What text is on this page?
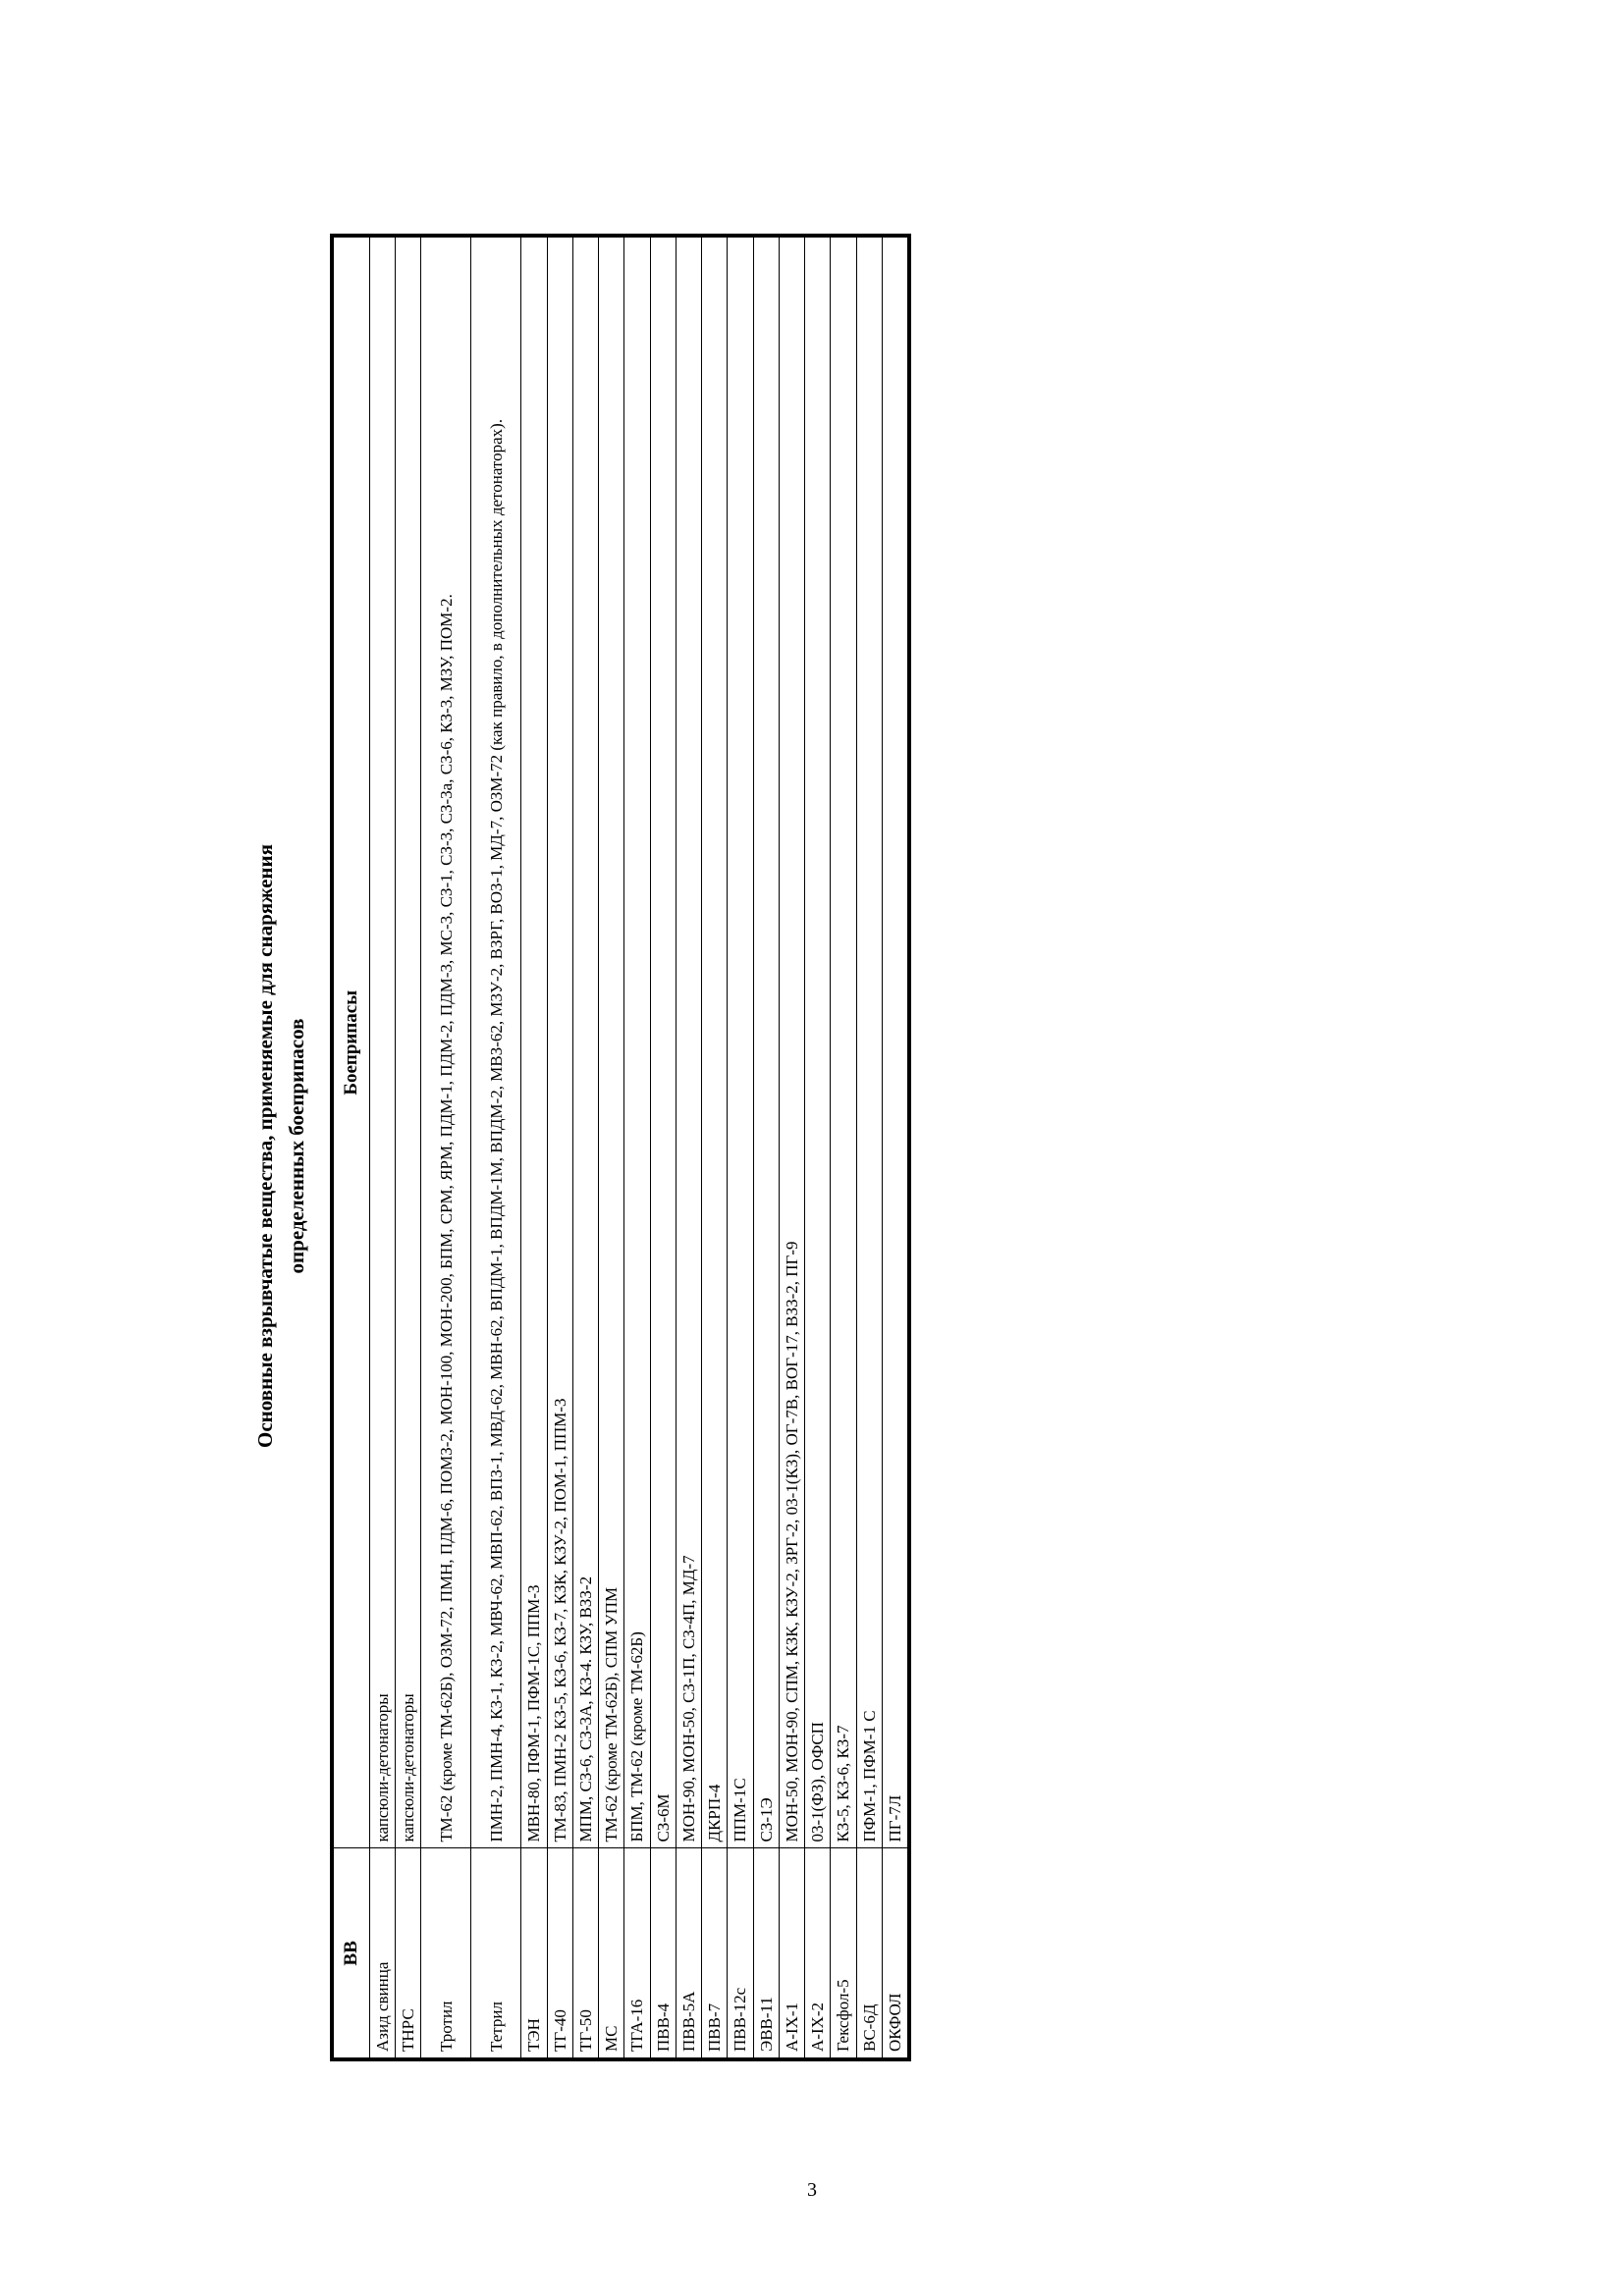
Основные взрывчатые вещества, применяемые для снаряжения определенных боеприпасов
ВВ	Боеприпасы
Азид свинца	капсюли-детонаторы
ТНРС	капсюли-детонаторы
Тротил	ТМ-62 (кроме ТМ-62Б), ОЗМ-72, ПМН, ПДМ-6, ПОМЗ-2, МОН-100, МОН-200, БПМ, СРМ, ЯРМ, ПДМ-1, ПДМ-2, ПДМ-3, МС-3, СЗ-1, СЗ-3, СЗ-3а, СЗ-6, КЗ-3, МЗУ, ПОМ-2.
Тетрил	ПМН-2, ПМН-4, КЗ-1, КЗ-2, МВЧ-62, МВП-62, ВПЗ-1, МВД-62, МВН-62, ВПДМ-1, ВПДМ-1М, ВПДМ-2, МВЗ-62, М3У-2, ВЗРГ, ВОЗ-1, МД-7, ОЗМ-72 (как правило, в дополнительных детонаторах).
ТЭН	МВН-80, ПФМ-1, ПФМ-1С, ППМ-3
ТГ-40	ТМ-83, ПМН-2 КЗ-5, КЗ-6, КЗ-7, КЗК, КЗУ-2, ПОМ-1, ППМ-3
ТГ-50	МПМ, СЗ-6, СЗ-3А, КЗ-4. КЗУ, ВЗЗ-2
МС	ТМ-62 (кроме ТМ-62Б), СПМ УПМ
ТГА-16	БПМ, ТМ-62 (кроме ТМ-62Б)
ПВВ-4	СЗ-6М
ПВВ-5А	МОН-90, МОН-50, СЗ-1П, СЗ-4П, МД-7
ПВВ-7	ДКРП-4
ПВВ-12с	ППМ-1С
ЭВВ-11	СЗ-1Э
А-IX-1	МОН-50, МОН-90, СПМ, КЗК, КЗУ-2, ЗРГ-2, 03-1(КЗ), ОГ-7В, ВОГ-17, ВЗЗ-2, ПГ-9
А-IX-2	03-1(ФЗ), ОФСП
Гексфол-5	КЗ-5, КЗ-6, КЗ-7
ВС-6Д	ПФМ-1, ПФМ-1 С
ОКФОЛ	ПГ-7Л
3
